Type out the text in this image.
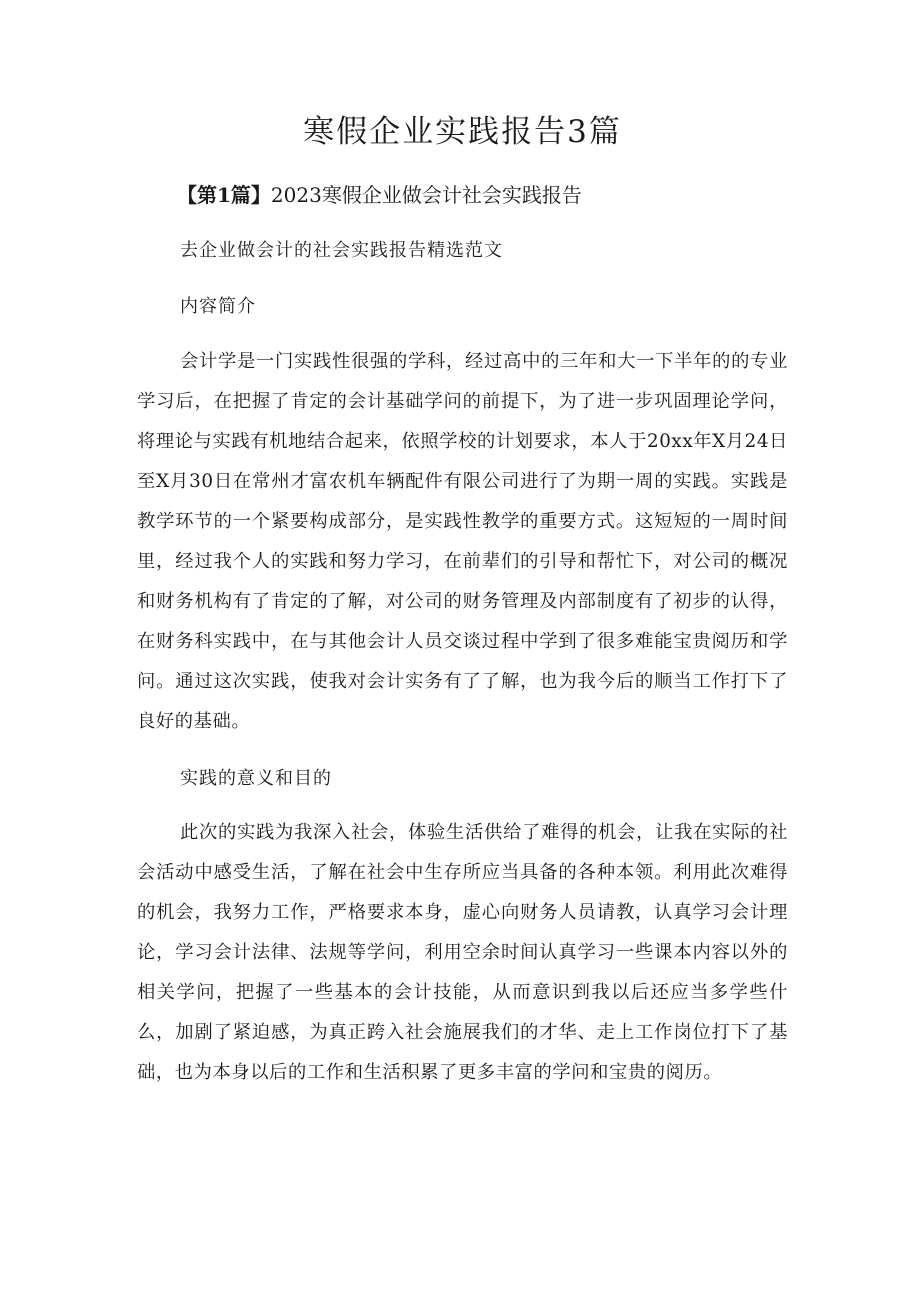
寒假企业实践报告3篇
【第1篇】2023寒假企业做会计社会实践报告
去企业做会计的社会实践报告精选范文
内容简介

会计学是一门实践性很强的学科，经过高中的三年和大一下半年的的专业学习后，在把握了肯定的会计基础学问的前提下，为了进一步巩固理论学问，将理论与实践有机地结合起来，依照学校的计划要求，本人于20xx年X月24日至X月30日在常州才富农机车辆配件有限公司进行了为期一周的实践。实践是教学环节的一个紧要构成部分，是实践性教学的重要方式。这短短的一周时间里，经过我个人的实践和努力学习，在前辈们的引导和帮忙下，对公司的概况和财务机构有了肯定的了解，对公司的财务管理及内部制度有了初步的认得，在财务科实践中，在与其他会计人员交谈过程中学到了很多难能宝贵阅历和学问。通过这次实践，使我对会计实务有了了解，也为我今后的顺当工作打下了良好的基础。

实践的意义和目的

此次的实践为我深入社会，体验生活供给了难得的机会，让我在实际的社会活动中感受生活，了解在社会中生存所应当具备的各种本领。利用此次难得的机会，我努力工作，严格要求本身，虚心向财务人员请教，认真学习会计理论，学习会计法律、法规等学问，利用空余时间认真学习一些课本内容以外的相关学问，把握了一些基本的会计技能，从而意识到我以后还应当多学些什么，加剧了紧迫感，为真正跨入社会施展我们的才华、走上工作岗位打下了基础，也为本身以后的工作和生活积累了更多丰富的学问和宝贵的阅历。
